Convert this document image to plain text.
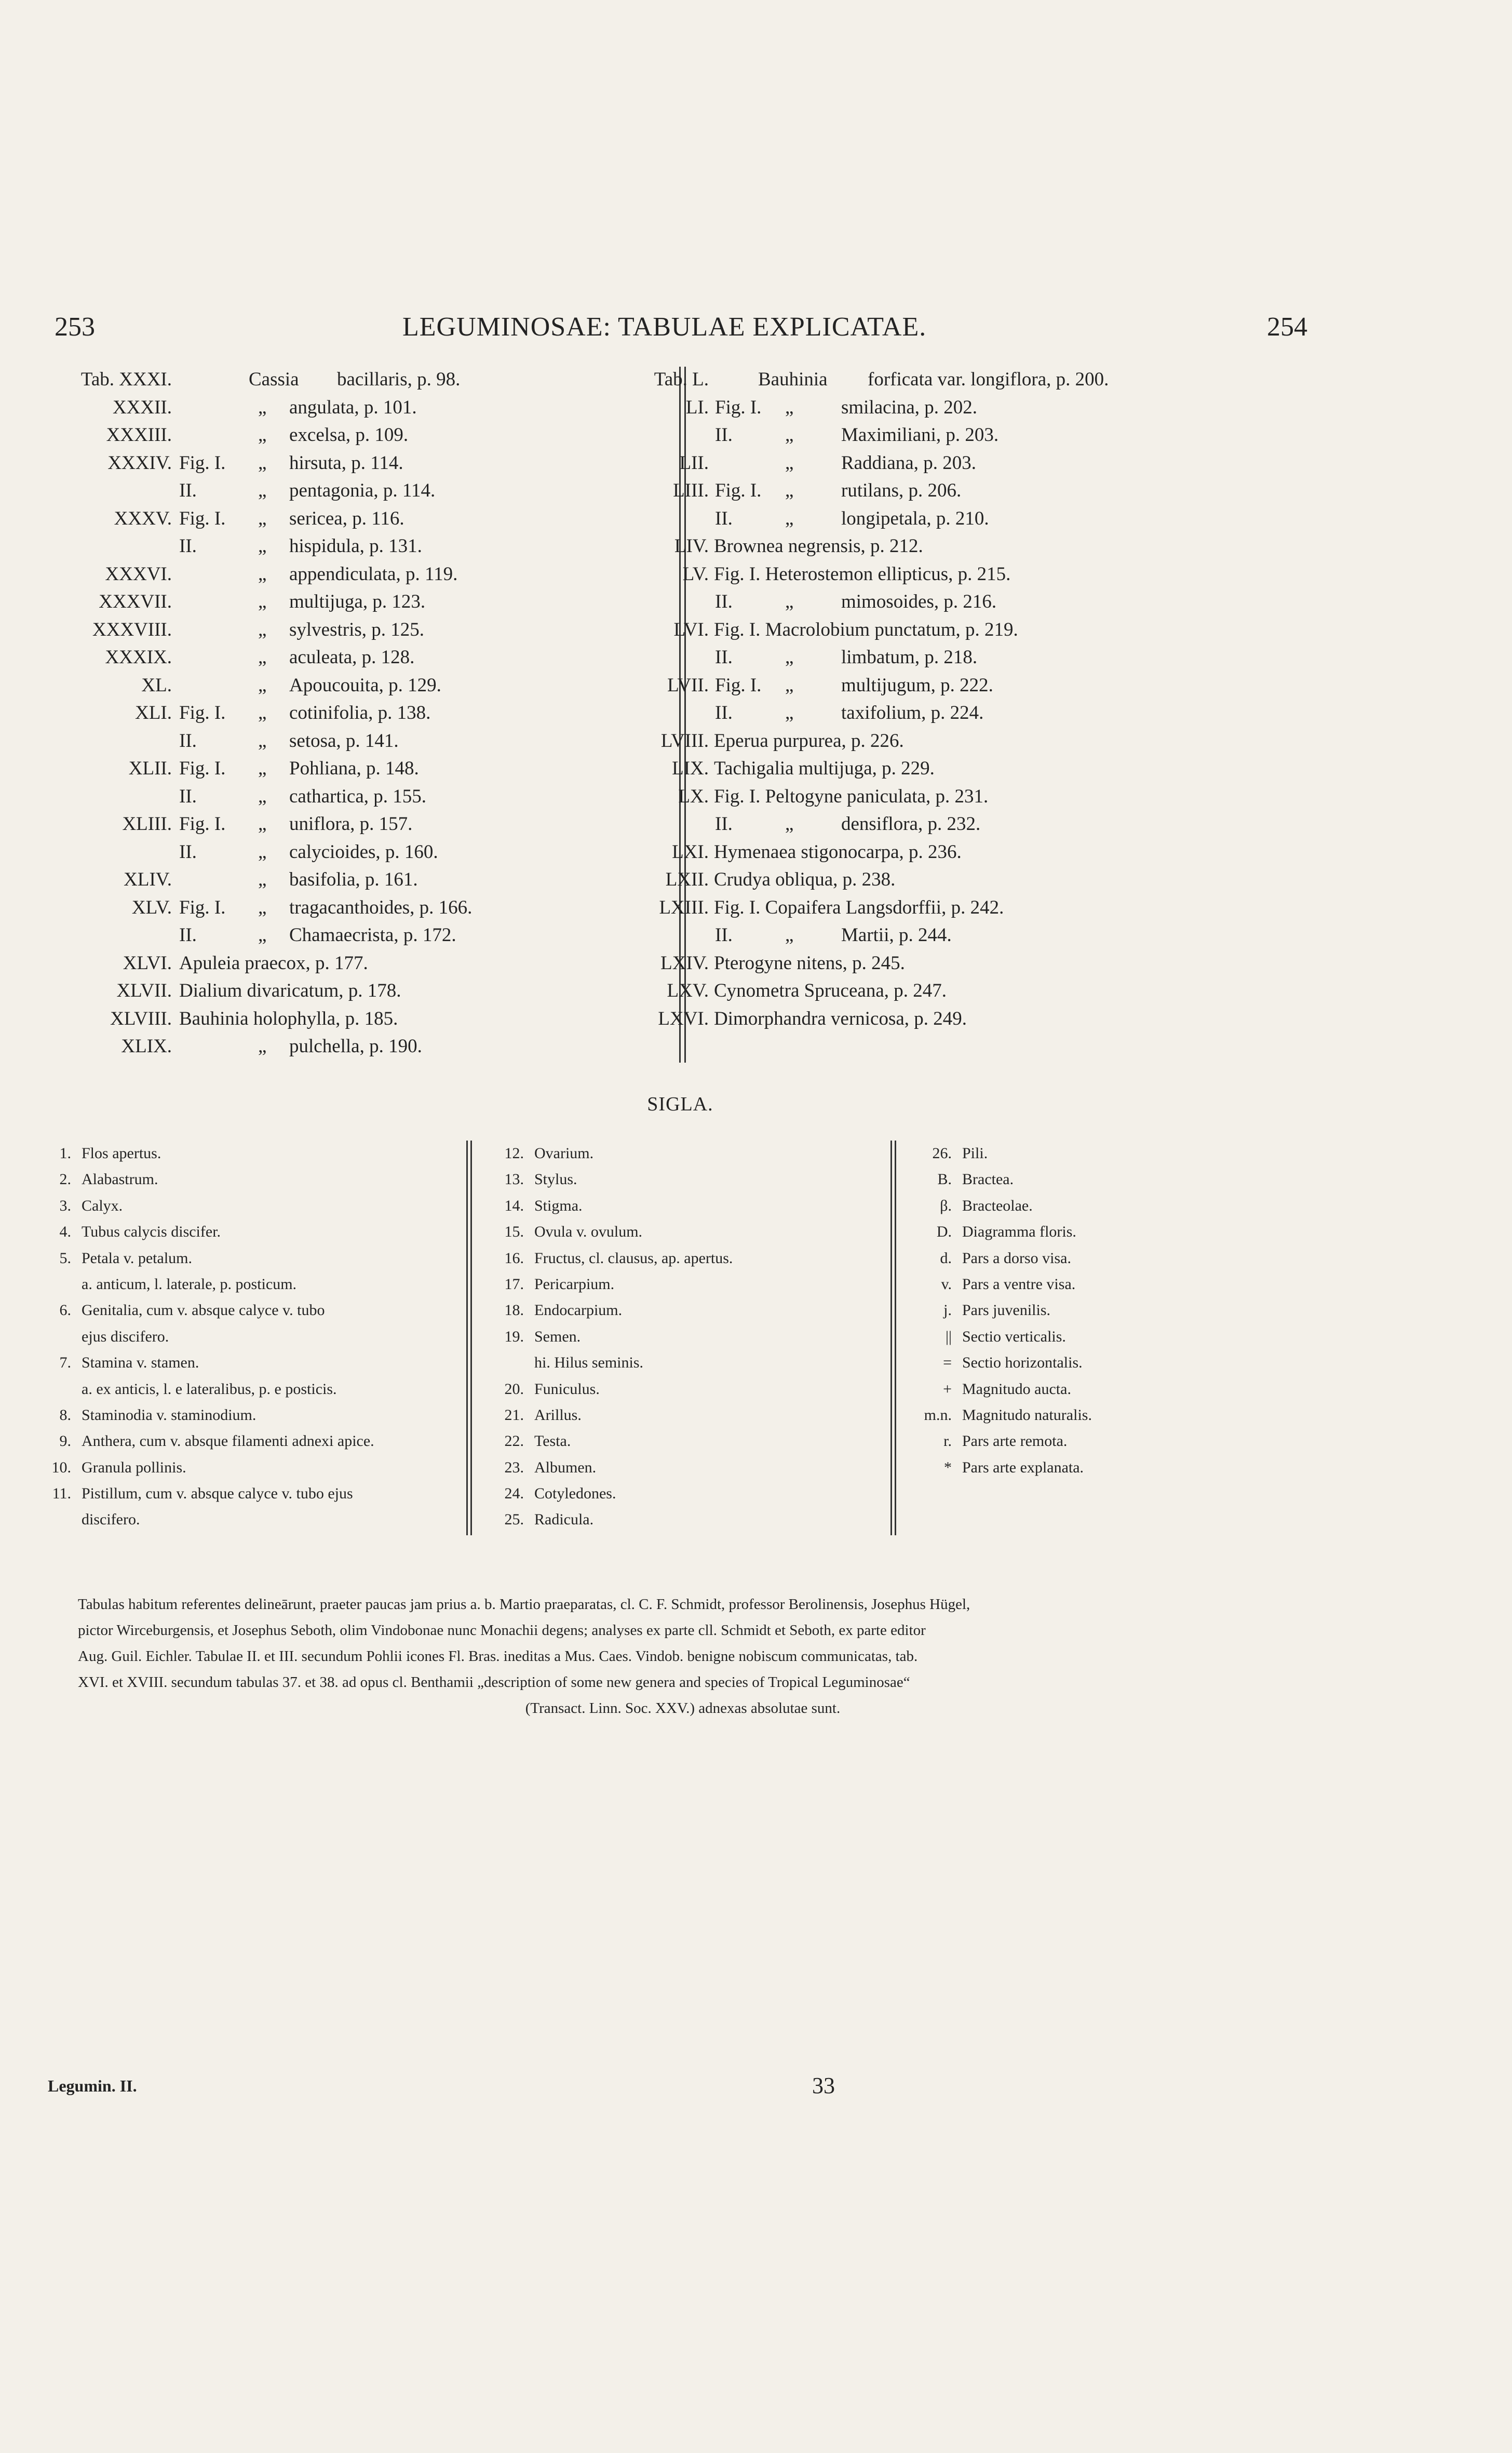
253	LEGUMINOSAE: TABULAE EXPLICATAE.	254
Tab. XXXI.	Cassia bacillaris, p. 98.
XXXII.	„ angulata, p. 101.
XXXIII.	„ excelsa, p. 109.
XXXIV. Fig. I. „ hirsuta, p. 114.
II.	„ pentagonia, p. 114.
XXXV. Fig. I. „ sericea, p. 116.
II.	„ hispidula, p. 131.
XXXVI.	„ appendiculata, p. 119.
XXXVII.	„ multijuga, p. 123.
XXXVIII.	„ sylvestris, p. 125.
XXXIX.	„ aculeata, p. 128.
XL.	„ Apoucouita, p. 129.
XLI. Fig. I. „ cotinifolia, p. 138.
II.	„ setosa, p. 141.
XLII. Fig. I. „ Pohliana, p. 148.
II.	„ cathartica, p. 155.
XLIII. Fig. I. „ uniflora, p. 157.
II.	„ calycioides, p. 160.
XLIV.	„ basifolia, p. 161.
XLV. Fig. I. „ tragacanthoides, p. 166.
II.	„ Chamaecrista, p. 172.
XLVI. Apuleia praecox, p. 177.
XLVII. Dialium divaricatum, p. 178.
XLVIII. Bauhinia holophylla, p. 185.
XLIX.	„ pulchella, p. 190.
Tab. L.	Bauhinia forficata var. longiflora, p. 200.
LI. Fig. I. „ smilacina, p. 202.
II.	„ Maximiliani, p. 203.
LII.	„ Raddiana, p. 203.
LIII. Fig. I. „ rutilans, p. 206.
II.	„ longipetala, p. 210.
LIV. Brownea negrensis, p. 212.
LV. Fig. I. Heterostemon ellipticus, p. 215.
II.	„ mimosoides, p. 216.
LVI. Fig. I. Macrolobium punctatum, p. 219.
II.	„ limbatum, p. 218.
LVII. Fig. I. „ multijugum, p. 222.
II.	„ taxifolium, p. 224.
LVIII. Eperua purpurea, p. 226.
LIX. Tachigalia multijuga, p. 229.
LX. Fig. I. Peltogyne paniculata, p. 231.
II.	„ densiflora, p. 232.
LXI. Hymenaea stigonocarpa, p. 236.
LXII. Crudya obliqua, p. 238.
LXIII. Fig. I. Copaifera Langsdorffii, p. 242.
II.	„ Martii, p. 244.
LXIV. Pterogyne nitens, p. 245.
LXV. Cynometra Spruceana, p. 247.
LXVI. Dimorphandra vernicosa, p. 249.
SIGLA.
1. Flos apertus.
2. Alabastrum.
3. Calyx.
4. Tubus calycis discifer.
5. Petala v. petalum.
a. anticum, l. laterale, p. posticum.
6. Genitalia, cum v. absque calyce v. tubo
ejus discifero.
7. Stamina v. stamen.
a. ex anticis, l. e lateralibus, p. e posticis.
8. Staminodia v. staminodium.
9. Anthera, cum v. absque filamenti adnexi apice.
10. Granula pollinis.
11. Pistillum, cum v. absque calyce v. tubo ejus
discifero.
12. Ovarium.
13. Stylus.
14. Stigma.
15. Ovula v. ovulum.
16. Fructus, cl. clausus, ap. apertus.
17. Pericarpium.
18. Endocarpium.
19. Semen.
hi. Hilus seminis.
20. Funiculus.
21. Arillus.
22. Testa.
23. Albumen.
24. Cotyledones.
25. Radicula.
26. Pili.
B. Bractea.
β. Bracteolae.
D. Diagramma floris.
d. Pars a dorso visa.
v. Pars a ventre visa.
j. Pars juvenilis.
|| Sectio verticalis.
= Sectio horizontalis.
+ Magnitudo aucta.
m.n. Magnitudo naturalis.
r. Pars arte remota.
* Pars arte explanata.

Tabulas habitum referentes delineārunt, praeter paucas jam prius a. b. Martio praeparatas, cl. C. F. Schmidt, professor Berolinensis, Josephus Hügel,

pictor Wirceburgensis, et Josephus Seboth, olim Vindobonae nunc Monachii degens; analyses ex parte cll. Schmidt et Seboth, ex parte editor

Aug. Guil. Eichler. Tabulae II. et III. secundum Pohlii icones Fl. Bras. ineditas a Mus. Caes. Vindob. benigne nobiscum communicatas, tab.

XVI. et XVIII. secundum tabulas 37. et 38. ad opus cl. Benthamii „description of some new genera and species of Tropical Leguminosae“

(Transact. Linn. Soc. XXV.) adnexas absolutae sunt.

Legumin. II.	33
